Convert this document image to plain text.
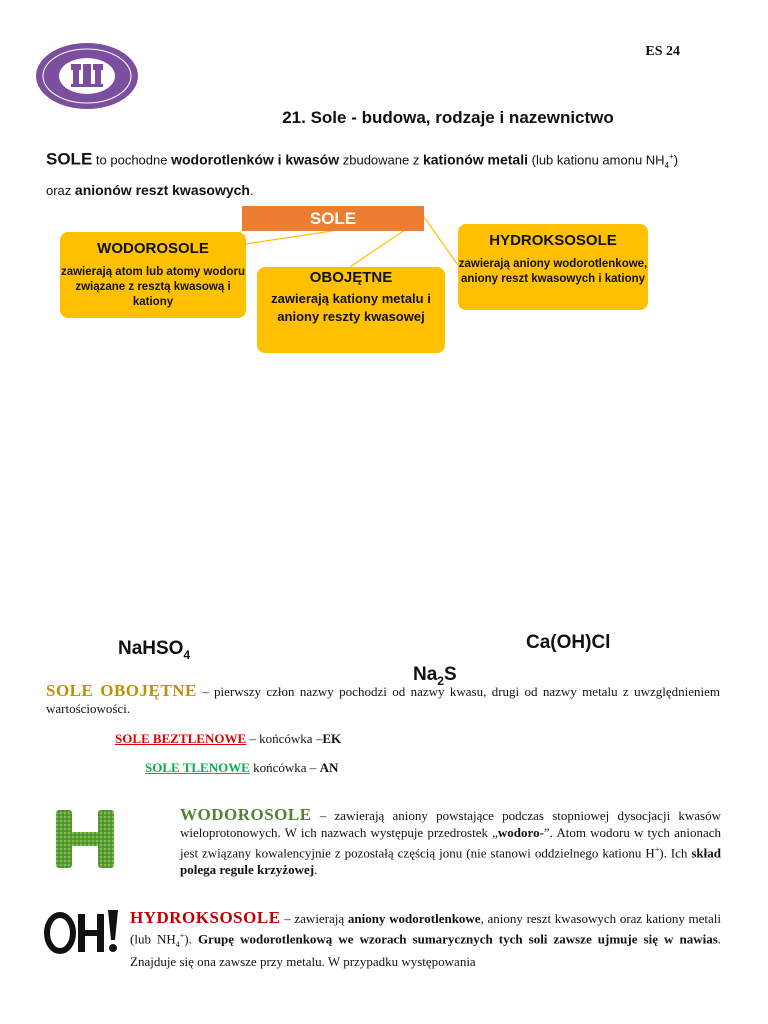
ES 24
21. Sole - budowa, rodzaje i nazewnictwo
SOLE to pochodne wodorotlenków i kwasów zbudowane z kationów metali (lub kationu amonu $NH_4^+$)
oraz anionów reszt kwasowych.
SOLE
WODOROSOLE
zawierają atom lub atomy wodoru związane z resztą kwasową i kationy
OBOJĘTNE
zawierają kationy metalu i aniony reszty kwasowej
HYDROKSOSOLE
zawierają aniony wodorotlenkowe, aniony reszt kwasowych i kationy
NaHSO$_4$
Ca(OH)Cl
$Na_2S$
SOLE OBOJĘTNE – pierwszy człon nazwy pochodzi od nazwy kwasu, drugi od nazwy metalu z uwzględnieniem wartościowości.
SOLE BEZTLENOWE – końcówka –EK
SOLE TLENOWE końcówka – AN
WODOROSOLE – zawierają aniony powstające podczas stopniowej dysocjacji kwasów wieloprotonowych. W ich nazwach występuje przedrostek „wodoro-”. Atom wodoru w tych anionach jest związany kowalencyjnie z pozostałą częścią jonu (nie stanowi oddzielnego kationu H+). Ich skład polega regule krzyżowej.
HYDROKSOSOLE – zawierają aniony wodorotlenkowe, aniony reszt kwasowych oraz kationy metali (lub $NH_4^+$). Grupę wodorotlenkową we wzorach sumarycznych tych soli zawsze ujmuje się w nawias. Znajduje się ona zawsze przy metalu. W przypadku występowania
